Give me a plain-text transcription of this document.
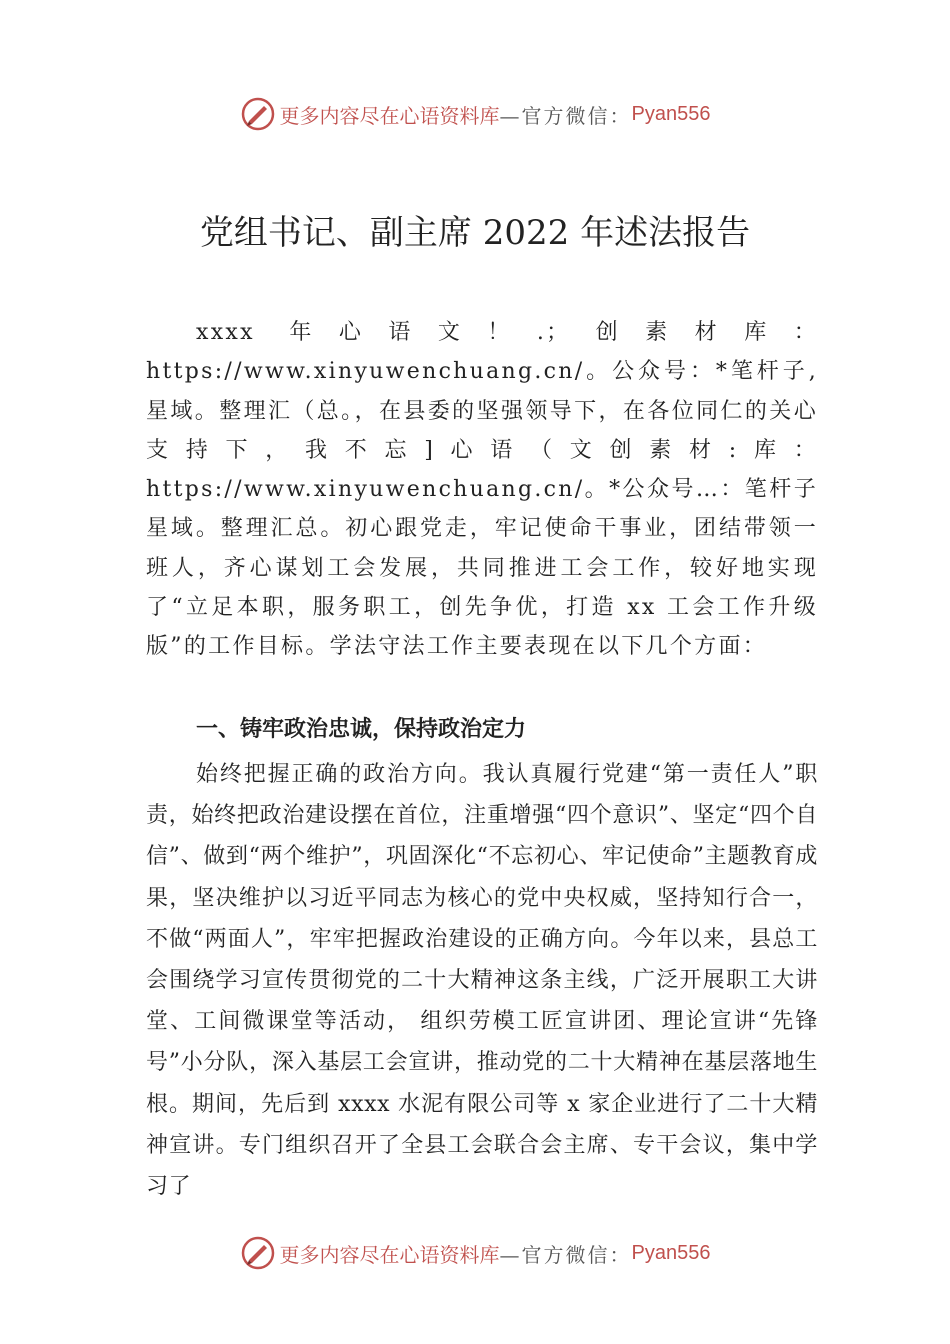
更多内容尽在心语资料库 —官方微信： Pyan556
党组书记、副主席 2022 年述法报告
xxxx 年心语文！.；创素材库：https://www.xinyuwenchuang.cn/。公众号：*笔杆子,星域。整理汇（总。，在县委的坚强领导下，在各位同仁的关心支持下，我不忘]心语（文创素材:库：https://www.xinyuwenchuang.cn/。*公众号…：笔杆子星域。整理汇总。初心跟党走，牢记使命干事业，团结带领一班人，齐心谋划工会发展，共同推进工会工作，较好地实现了“立足本职，服务职工，创先争优，打造 xx 工会工作升级版”的工作目标。学法守法工作主要表现在以下几个方面：
一、铸牢政治忠诚，保持政治定力
始终把握正确的政治方向。我认真履行党建“第一责任人”职责，始终把政治建设摆在首位，注重增强“四个意识”、坚定“四个自信”、做到“两个维护”，巩固深化“不忘初心、牢记使命”主题教育成果，坚决维护以习近平同志为核心的党中央权威，坚持知行合一，不做“两面人”，牢牢把握政治建设的正确方向。今年以来，县总工会围绕学习宣传贯彻党的二十大精神这条主线，广泛开展职工大讲堂、工间微课堂等活动， 组织劳模工匠宣讲团、理论宣讲“先锋号”小分队，深入基层工会宣讲，推动党的二十大精神在基层落地生根。期间，先后到 xxxx 水泥有限公司等 x 家企业进行了二十大精神宣讲。专门组织召开了全县工会联合会主席、专干会议，集中学习了
更多内容尽在心语资料库 —官方微信： Pyan556
